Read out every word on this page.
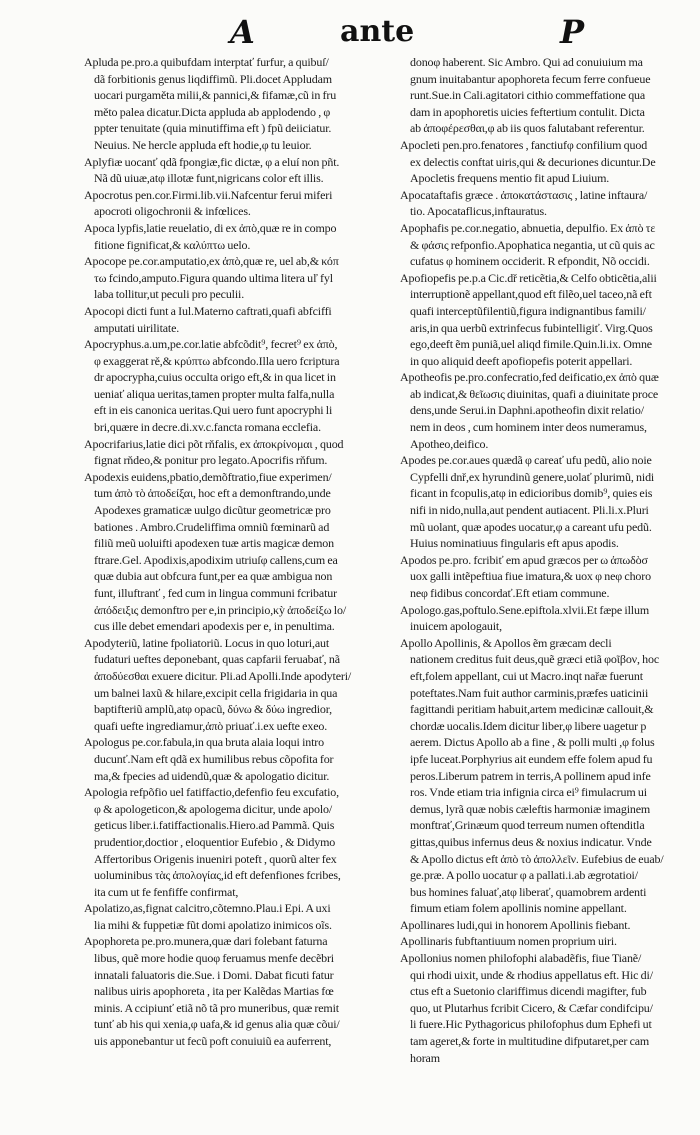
A	ante	P
Apluda pe.pro.a quibufdam interptať furfur, a quibuſ/
dã forbitionis genus liqdiffimũ. Pli.docet Appludam
uocari purgaměta milii,& pannici,& fifamæ,cũ in fru
měto palea dicatur.Dicta appluda ab applodendo , φ
ppter tenuitate (quia minutiffima eft ) fpũ deiiciatur.
Neuius. Ne hercle appluda eft hodie,φ tu leuior.
Aplyfiæ uocanť qdã fpongiæ,fic dictæ, φ a eluí non pñt.
Nã dũ uiuæ,atφ illotæ funt,nigricans color eft illis.
Apocrotus pen.cor.Firmi.lib.vii.Nafcentur ferui miferi
apocroti oligochronii & infœlices.
Apoca lypfis,latie reuelatio, di ex ἀπὸ,quæ re in compo
fitione fignificat,& καλύπτω uelo.
Apocope pe.cor.amputatio,ex ἀπὸ,quæ re, uel ab,& κόπ
τω fcindo,amputo.Figura quando ultima litera uľ fyl
laba tollitur,ut peculi pro peculii.
Apocopi dicti funt a Iul.Materno caftrati,quafi abfciffi
amputati uirilitate.
Apocryphus.a.um,pe.cor.latie abfcõdit⁹, fecret⁹ ex ἀπὸ,
φ exaggerat rě,& κρύπτω abfcondo.Illa uero fcriptura
dr apocrypha,cuius occulta origo eft,& in qua licet in
ueniať aliqua ueritas,tamen propter multa falfa,nulla
eft in eis canonica ueritas.Qui uero funt apocryphi li
bri,quære in decre.di.xv.c.fancta romana ecclefia.
Apocrifarius,latie dici põt rňfalis, ex ἀποκρίνομαι , quod
fignat rňdeo,& ponitur pro legato.Apocrifis rňfum.
Apodexis euidens,pbatio,demõftratio,fiue experimen/
tum ἀπὸ τὸ ἀποδείξαι, hoc eft a demonftrando,unde
Apodexes gramaticæ uulgo dicũtur geometricæ pro
bationes . Ambro.Crudeliffima omniũ fœminarũ ad
filiũ meũ uoluifti apodexen tuæ artis magicæ demon
ftrare.Gel. Apodixis,apodixim utriuſφ callens,cum ea
quæ dubia aut obfcura funt,per ea quæ ambigua non
funt, illuftranť , fed cum in lingua communi fcribatur
ἀπόδειξις demonftro per e,in principio,κỳ ἀποδείξω lo/
cus ille debet emendari apodexis per e, in penultima.
Apodyteriũ, latine fpoliatoriũ. Locus in quo loturi,aut
fudaturi ueftes deponebant, quas capfarii feruabať, nã
ἀποδύεσθαι exuere dicitur. Pli.ad Apolli.Inde apodyteri/
um balnei laxũ & hilare,excipit cella frigidaria in qua
baptifteriũ amplũ,atφ opacũ, δύνω & δύω ingredior,
quafi uefte ingrediamur,ἀπὸ priuať.i.ex uefte exeo.
Apologus pe.cor.fabula,in qua bruta alaia loqui intro
ducunť.Nam eft qdã ex humilibus rebus cõpofita for
ma,& fpecies ad uidendũ,quæ & apologatio dicitur.
Apologia refpõfio uel fatiffactio,defenfio feu excufatio,
φ & apologeticon,& apologema dicitur, unde apolo/
geticus liber.i.fatiffactionalis.Hiero.ad Pammã. Quis
prudentior,doctior , eloquentior Eufebio , & Didymo
Affertoribus Origenis inueniri poteft , quorũ alter fex
uoluminibus τὰς ἀπολογίας,id eft defenfiones fcribes,
ita cum ut fe fenfiffe confirmat,
Apolatizo,as,fignat calcitro,cõtemno.Plau.i Epi. A uxi
lia mihi & fuppetiæ fũt domi apolatizo inimicos oĩs.
Apophoreta pe.pro.munera,quæ dari folebant faturna
libus, quẽ more hodie quoφ feruamus menfe decẽbri
innatali faluatoris die.Sue. i Domi. Dabat ficuti fatur
nalibus uiris apophoreta , ita per Kalẽdas Martias fœ
minis. A ccipiunť etiã nõ tã pro muneribus, quæ remit
tunť ab his qui xenia,φ uafa,& id genus alia quæ cõui/
uis apponebantur ut fecũ poft conuiuiũ ea auferrent,
donoφ haberent. Sic Ambro. Qui ad conuiuium ma
gnum inuitabantur apophoreta fecum ferre confueue
runt.Sue.in Cali.agitatori cithio commeffatione qua
dam in apophoretis uicies feftertium contulit. Dicta
ab ἀποφέρεσθαι,φ ab iis quos falutabant referentur.
Apocleti pen.pro.fenatores , fanctiufφ confilium quod
ex delectis conftat uiris,qui & decuriones dicuntur.De
Apocletis frequens mentio fit apud Liuium.
Apocataftafis græce . ἀποκατάστασις , latine inftaura/
tio. Apocataflicus,inftauratus.
Apophafis pe.cor.negatio, abnuetia, depulfio. Ex ἀπὸ τε
& φάσις refponfio.Apophatica negantia, ut cũ quis ac
cufatus φ hominem occiderit. R efpondit, Nõ occidi.
Apofiopefis pe.p.a Cic.dř reticẽtia,& Celfo obticẽtia,alii
interruptionẽ appellant,quod eft filẽo,uel taceo,nã eft
quafi interceptũfilentiũ,figura indignantibus famili/
aris,in qua uerbũ extrinfecus fubintelligiť. Virg.Quos
ego,deeft ẽm puniã,uel aliqd fimile.Quin.li.ix. Omne
in quo aliquid deeft apofiopefis poterit appellari.
Apotheofis pe.pro.confecratio,fed deificatio,ex ἀπὸ quæ
ab indicat,& θεῖωσις diuinitas, quafi a diuinitate proce
dens,unde Serui.in Daphni.apotheofin dixit relatio/
nem in deos , cum hominem inter deos numeramus,
Apotheo,deifico.
Apodes pe.cor.aues quædã φ careať ufu pedũ, alio noie
Cypfelli dnř,ex hyrundinũ genere,uolať plurimũ, nidi
ficant in fcopulis,atφ in edicioribus domib⁹, quies eis
nifi in nido,nulla,aut pendent autiacent. Pli.li.x.Pluri
mũ uolant, quæ apodes uocatur,φ a careant ufu pedũ.
Huius nominatiuus fingularis eft apus apodis.
Apodos pe.pro. fcribiť em apud græcos per ω ἀπωδὸσ
uox galli intẽpeftiua fiue imatura,& uox φ neφ choro
neφ fidibus concordať.Eft etiam commune.
Apologo.gas,poftulo.Sene.epiftola.xlvii.Et fæpe illum
inuicem apologauit,
Apollo Apollinis, & Apollos ẽm græcam decli
nationem creditus fuit deus,quẽ græci etiã φοῖβον, hoc
eft,folem appellant, cui ut Macro.inqt nařæ fuerunt
poteftates.Nam fuit author carminis,præfes uaticinii
fagittandi peritiam habuit,artem medicinæ callouit,&
chordæ uocalis.Idem dicitur liber,φ libere uagetur p
aerem. Dictus Apollo ab a fine , & polli multi ,φ folus
ipfe luceat.Porphyrius ait eundem effe folem apud fu
peros.Liberum patrem in terris,A pollinem apud infe
ros. Vnde etiam tria infignia circa ei⁹ fimulacrum ui
demus, lyrã quæ nobis cæleftis harmoniæ imaginem
monftrať,Grinæum quod terreum numen oftenditla
gittas,quibus infernus deus & noxius indicatur. Vnde
& Apollo dictus eft ἀπὸ τὸ ἀπολλεῖν. Eufebius de euab/
ge.præ. A pollo uocatur φ a pallati.i.ab ægrotatioi/
bus homines faluať,atφ liberať, quamobrem ardenti
fimum etiam folem apollinis nomine appellant.
Apollinares ludi,qui in honorem Apollinis fiebant.
Apollinaris fubftantiuum nomen proprium uiri.
Apollonius nomen philofophi alabadẽfis, fiue Tianẽ/
qui rhodi uixit, unde & rhodius appellatus eft. Hic di/
ctus eft a Suetonio clariffimus dicendi magifter, fub
quo, ut Plutarhus fcribit Cicero, & Cæfar condifcipu/
li fuere.Hic Pythagoricus philofophus dum Ephefi ut
tam ageret,& forte in multitudine difputaret,per cam
horam
